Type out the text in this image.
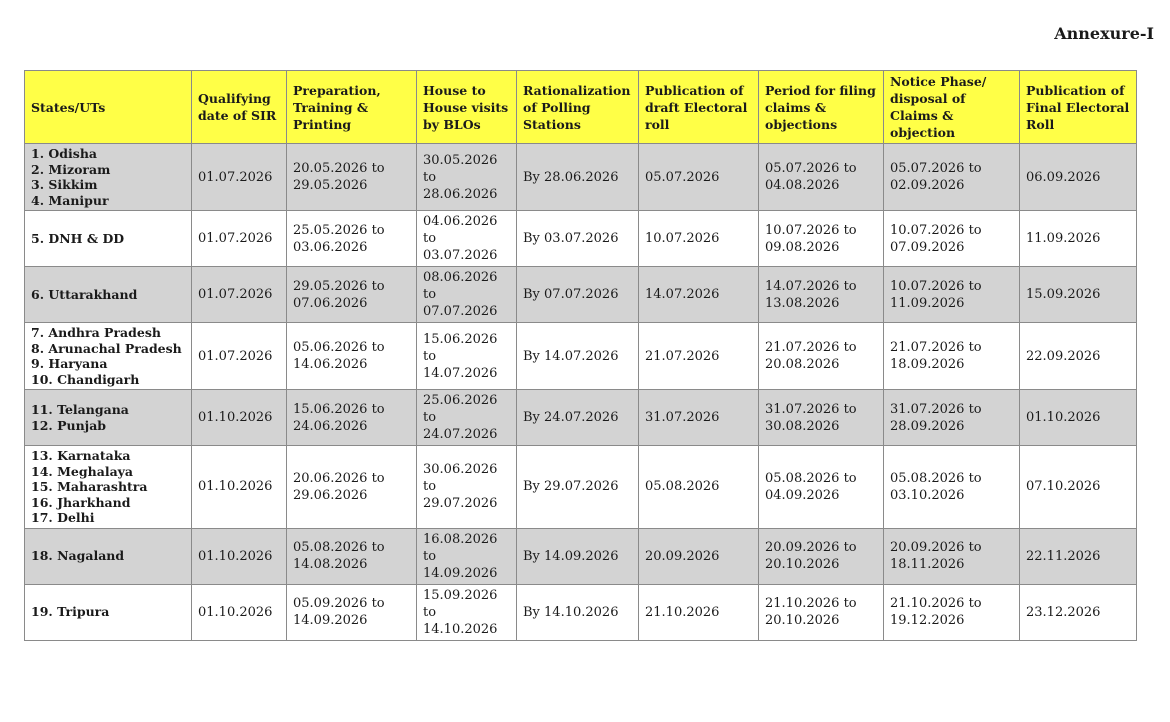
Annexure-I
States/UTs	Qualifying date of SIR	Preparation, Training & Printing	House to House visits by BLOs	Rationalization of Polling Stations	Publication of draft Electoral roll	Period for filing claims & objections	Notice Phase/ disposal of Claims & objection	Publication of Final Electoral Roll

1. Odisha
2. Mizoram
3. Sikkim
4. Manipur	01.07.2026	20.05.2026 to
29.05.2026	30.05.2026
to
28.06.2026	By 28.06.2026	05.07.2026	05.07.2026 to
04.08.2026	05.07.2026 to
02.09.2026	06.09.2026

5. DNH & DD	01.07.2026	25.05.2026 to
03.06.2026	04.06.2026
to
03.07.2026	By 03.07.2026	10.07.2026	10.07.2026 to
09.08.2026	10.07.2026 to
07.09.2026	11.09.2026

6. Uttarakhand	01.07.2026	29.05.2026 to
07.06.2026	08.06.2026
to
07.07.2026	By 07.07.2026	14.07.2026	14.07.2026 to
13.08.2026	10.07.2026 to
11.09.2026	15.09.2026

7. Andhra Pradesh
8. Arunachal Pradesh
9. Haryana
10. Chandigarh	01.07.2026	05.06.2026 to
14.06.2026	15.06.2026
to
14.07.2026	By 14.07.2026	21.07.2026	21.07.2026 to
20.08.2026	21.07.2026 to
18.09.2026	22.09.2026

11. Telangana
12. Punjab	01.10.2026	15.06.2026 to
24.06.2026	25.06.2026
to
24.07.2026	By 24.07.2026	31.07.2026	31.07.2026 to
30.08.2026	31.07.2026 to
28.09.2026	01.10.2026

13. Karnataka
14. Meghalaya
15. Maharashtra
16. Jharkhand
17. Delhi	01.10.2026	20.06.2026 to
29.06.2026	30.06.2026
to
29.07.2026	By 29.07.2026	05.08.2026	05.08.2026 to
04.09.2026	05.08.2026 to
03.10.2026	07.10.2026

18. Nagaland	01.10.2026	05.08.2026 to
14.08.2026	16.08.2026
to
14.09.2026	By 14.09.2026	20.09.2026	20.09.2026 to
20.10.2026	20.09.2026 to
18.11.2026	22.11.2026

19. Tripura	01.10.2026	05.09.2026 to
14.09.2026	15.09.2026
to
14.10.2026	By 14.10.2026	21.10.2026	21.10.2026 to
20.10.2026	21.10.2026 to
19.12.2026	23.12.2026
